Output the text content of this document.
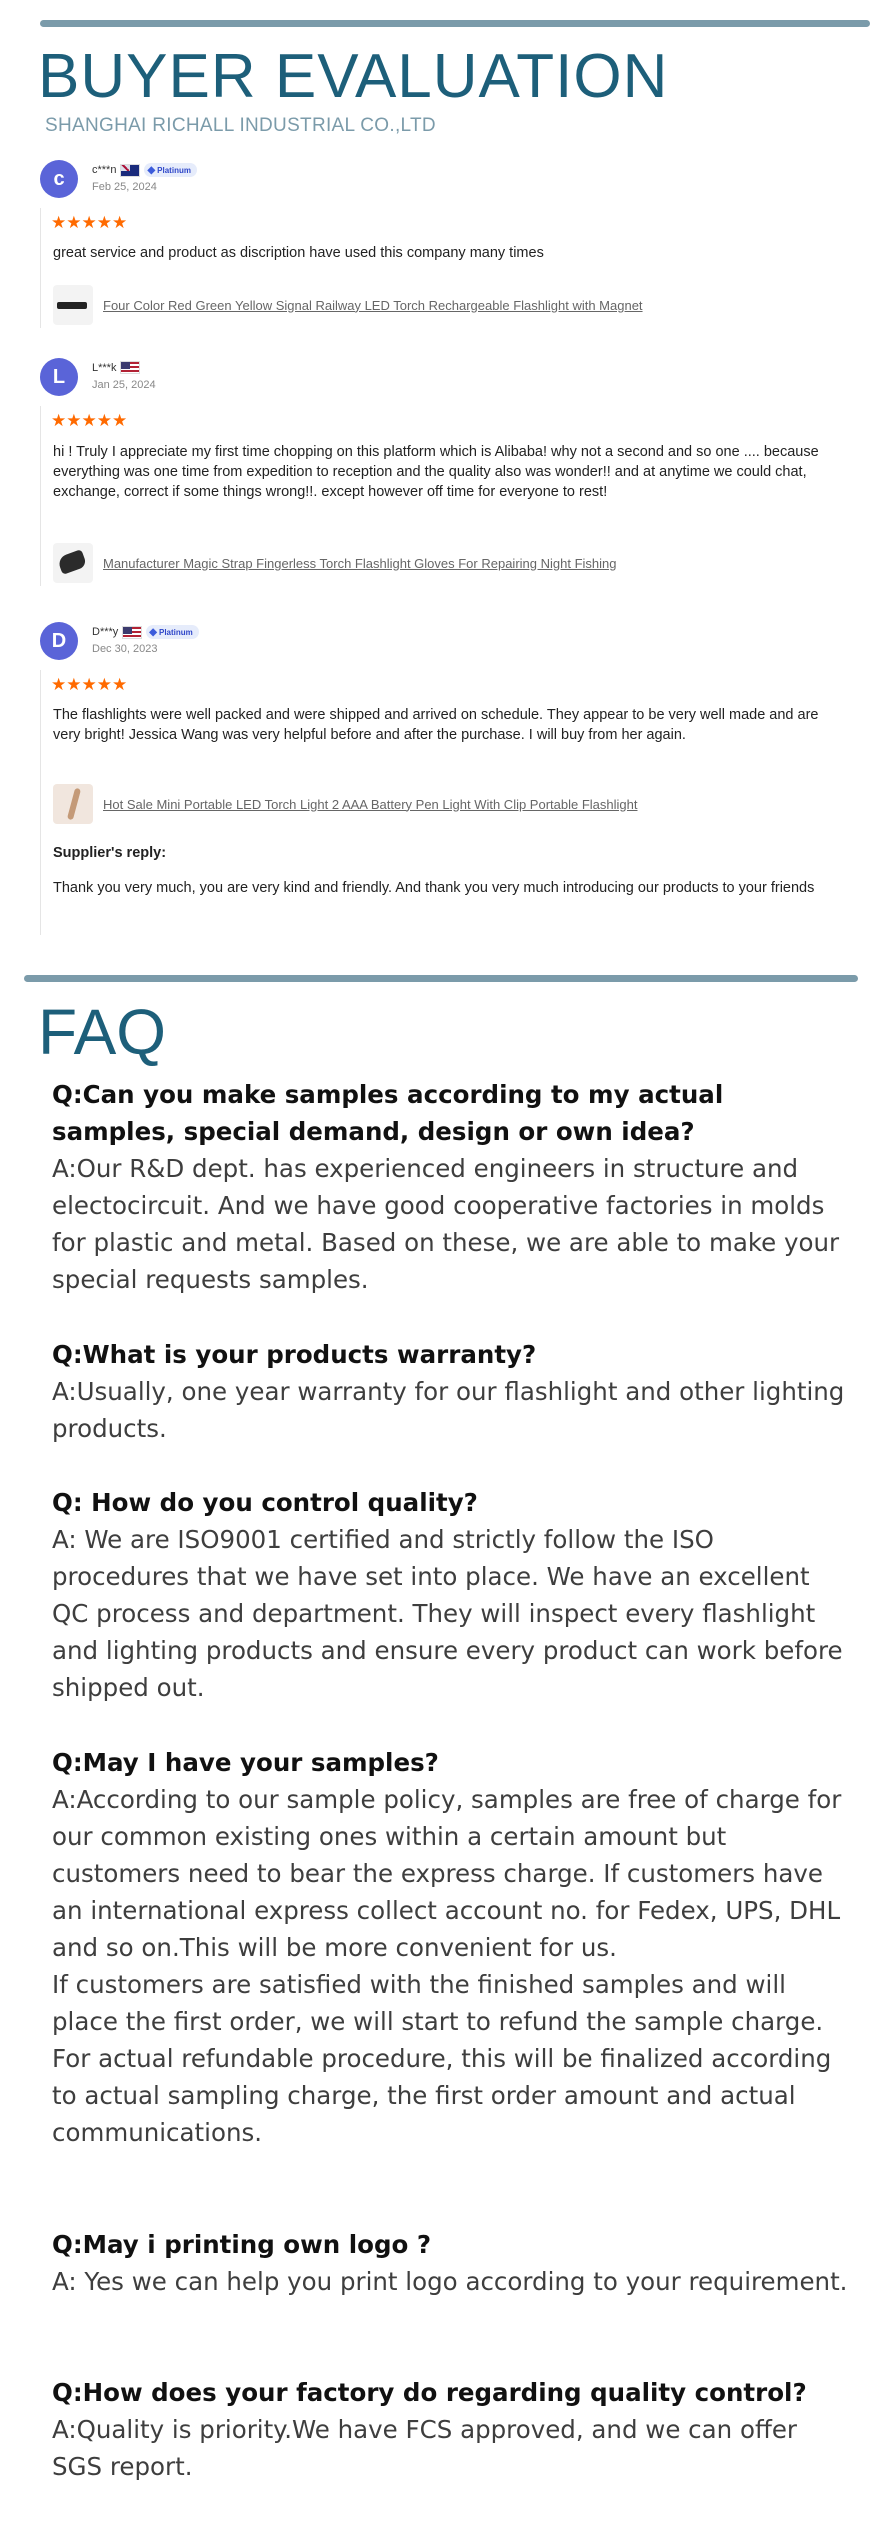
BUYER EVALUATION
SHANGHAI RICHALL INDUSTRIAL CO.,LTD
c	c***n	◆ Platinum
Feb 25, 2024
★★★★★
great service and product as discription have used this company many times
Four Color Red Green Yellow Signal Railway LED Torch Rechargeable Flashlight with Magnet
L	L***k
Jan 25, 2024
★★★★★
hi ! Truly I appreciate my first time chopping on this platform which is Alibaba! why not a second and so one .... because everything was one time from expedition to reception and the quality also was wonder!! and at anytime we could chat, exchange, correct if some things wrong!!. except however off time for everyone to rest!
Manufacturer Magic Strap Fingerless Torch Flashlight Gloves For Repairing Night Fishing
D	D***y	◆ Platinum
Dec 30, 2023
★★★★★
The flashlights were well packed and were shipped and arrived on schedule. They appear to be very well made and are very bright! Jessica Wang was very helpful before and after the purchase. I will buy from her again.
Hot Sale Mini Portable LED Torch Light 2 AAA Battery Pen Light With Clip Portable Flashlight
Supplier's reply:
Thank you very much, you are very kind and friendly. And thank you very much introducing our products to your friends
FAQ
Q:Can you make samples according to my actual samples, special demand, design or own idea?
A:Our R&D dept. has experienced engineers in structure and electocircuit. And we have good cooperative factories in molds for plastic and metal. Based on these, we are able to make your special requests samples.
Q:What is your products warranty?
A:Usually, one year warranty for our flashlight and other lighting products.
Q: How do you control quality?
A: We are ISO9001 certified and strictly follow the ISO procedures that we have set into place. We have an excellent QC process and department. They will inspect every flashlight and lighting products and ensure every product can work before shipped out.
Q:May I have your samples?
A:According to our sample policy, samples are free of charge for our common existing ones within a certain amount but customers need to bear the express charge. If customers have an international express collect account no. for Fedex, UPS, DHL and so on.This will be more convenient for us.
If customers are satisfied with the finished samples and will place the first order, we will start to refund the sample charge.
For actual refundable procedure, this will be finalized according to actual sampling charge, the first order amount and actual communications.
Q:May i printing own logo ?
A: Yes we can help you print logo according to your requirement.
Q:How does your factory do regarding quality control?
A:Quality is priority.We have FCS approved, and we can offer SGS report.
